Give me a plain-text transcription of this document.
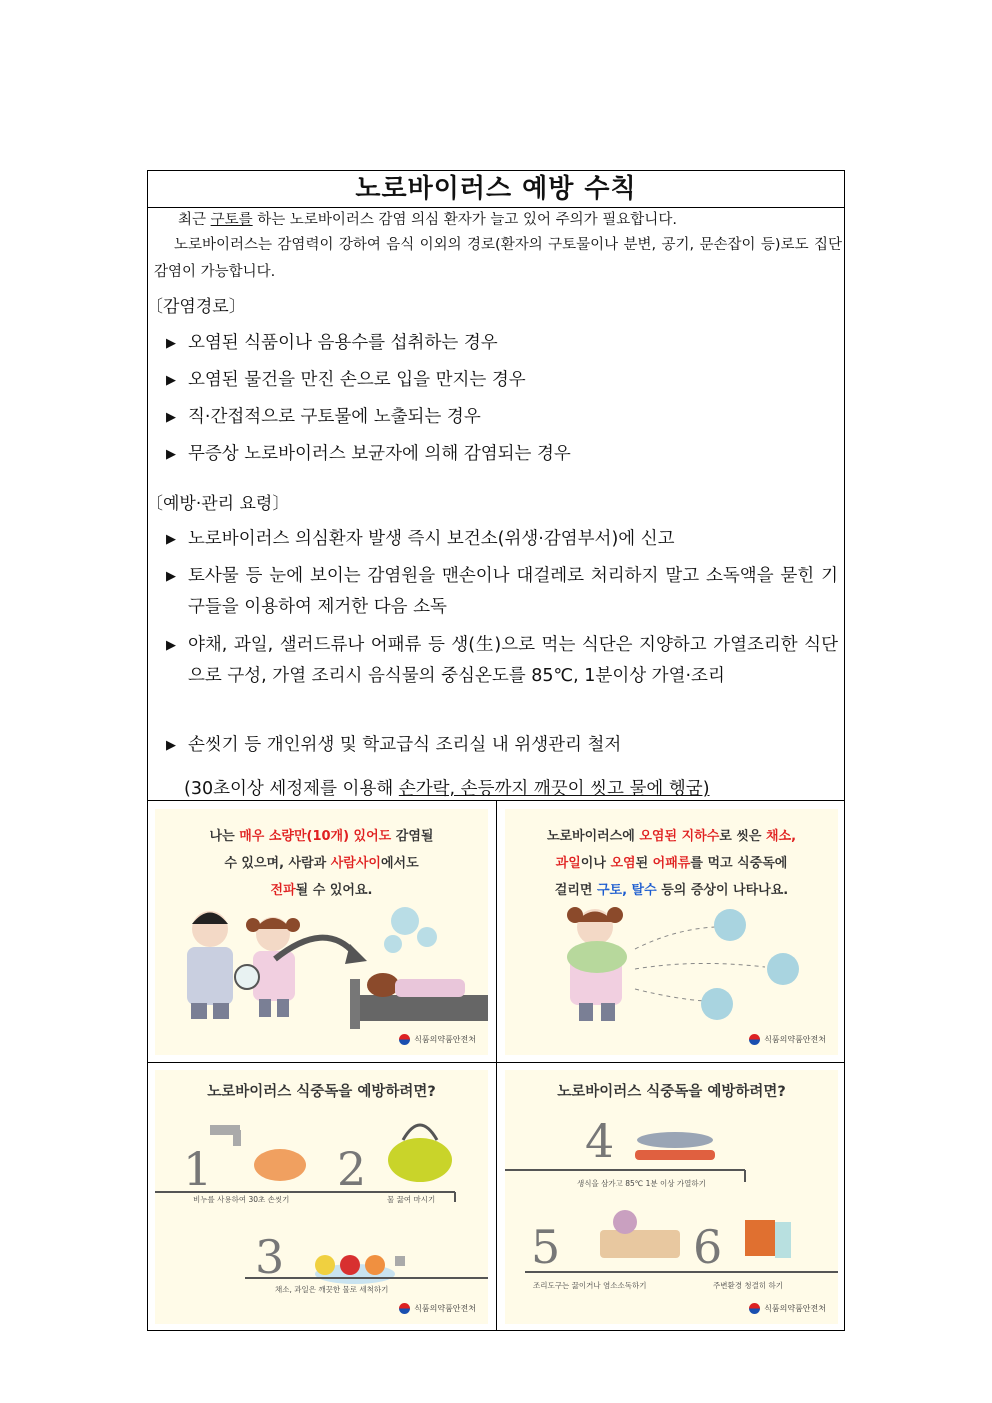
노로바이러스 예방 수칙
최근 구토를 하는 노로바이러스 감염 의심 환자가 늘고 있어 주의가 필요합니다.
노로바이러스는 감염력이 강하여 음식 이외의 경로(환자의 구토물이나 분변, 공기, 문손잡이 등)로도 집단감염이 가능합니다.
〔감염경로〕
▶ 오염된 식품이나 음용수를 섭취하는 경우
▶ 오염된 물건을 만진 손으로 입을 만지는 경우
▶ 직·간접적으로 구토물에 노출되는 경우
▶ 무증상 노로바이러스 보균자에 의해 감염되는 경우
〔예방·관리 요령〕
▶ 노로바이러스 의심환자 발생 즉시 보건소(위생·감염부서)에 신고
▶ 토사물 등 눈에 보이는 감염원을 맨손이나 대걸레로 처리하지 말고 소독액을 묻힌 기구들을 이용하여 제거한 다음 소독
▶ 야채, 과일, 샐러드류나 어패류 등 생(生)으로 먹는 식단은 지양하고 가열조리한 식단으로 구성, 가열 조리시 음식물의 중심온도를 85℃, 1분이상 가열·조리
▶ 손씻기 등 개인위생 및 학교급식 조리실 내 위생관리 철저
(30초이상 세정제를 이용해 손가락, 손등까지 깨끗이 씻고 물에 헹굼)
나는 매우 소량만(10개) 있어도 감염될
수 있으며, 사람과 사람사이에서도
전파될 수 있어요.
식품의약품안전처
노로바이러스에 오염된 지하수로 씻은 채소,
과일이나 오염된 어패류를 먹고 식중독에
걸리면 구토, 탈수 등의 증상이 나타나요.
식품의약품안전처
노로바이러스 식중독을 예방하려면?
1
비누를 사용하여 30초 손씻기
2
물 끓여 마시기
3
채소, 과일은 깨끗한 물로 세척하기
식품의약품안전처
노로바이러스 식중독을 예방하려면?
4
생식을 삼가고 85℃ 1분 이상 가열하기
5
조리도구는 끓이거나 염소소독하기
6
주변환경 청결히 하기
식품의약품안전처
